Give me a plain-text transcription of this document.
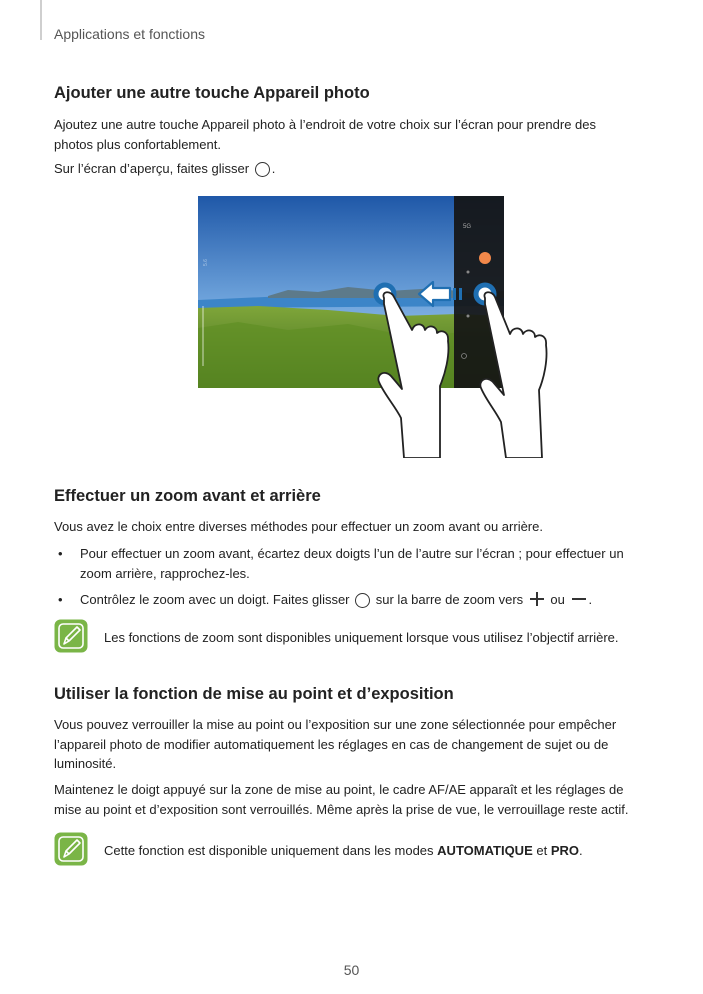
Applications et fonctions
Ajouter une autre touche Appareil photo

Ajoutez une autre touche Appareil photo à l’endroit de votre choix sur l’écran pour prendre des
photos plus confortablement.

Sur l’écran d’aperçu, faites glisser .

5G
5.6
Effectuer un zoom avant et arrière

Vous avez le choix entre diverses méthodes pour effectuer un zoom avant ou arrière.

• Pour effectuer un zoom avant, écartez deux doigts l’un de l’autre sur l’écran ; pour effectuer un
zoom arrière, rapprochez-les.
• Contrôlez le zoom avec un doigt. Faites glisser sur la barre de zoom vers ou .
Les fonctions de zoom sont disponibles uniquement lorsque vous utilisez l’objectif arrière.
Utiliser la fonction de mise au point et d’exposition

Vous pouvez verrouiller la mise au point ou l’exposition sur une zone sélectionnée pour empêcher
l’appareil photo de modifier automatiquement les réglages en cas de changement de sujet ou de
luminosité.

Maintenez le doigt appuyé sur la zone de mise au point, le cadre AF/AE apparaît et les réglages de
mise au point et d’exposition sont verrouillés. Même après la prise de vue, le verrouillage reste actif.

Cette fonction est disponible uniquement dans les modes AUTOMATIQUE et PRO.
50
